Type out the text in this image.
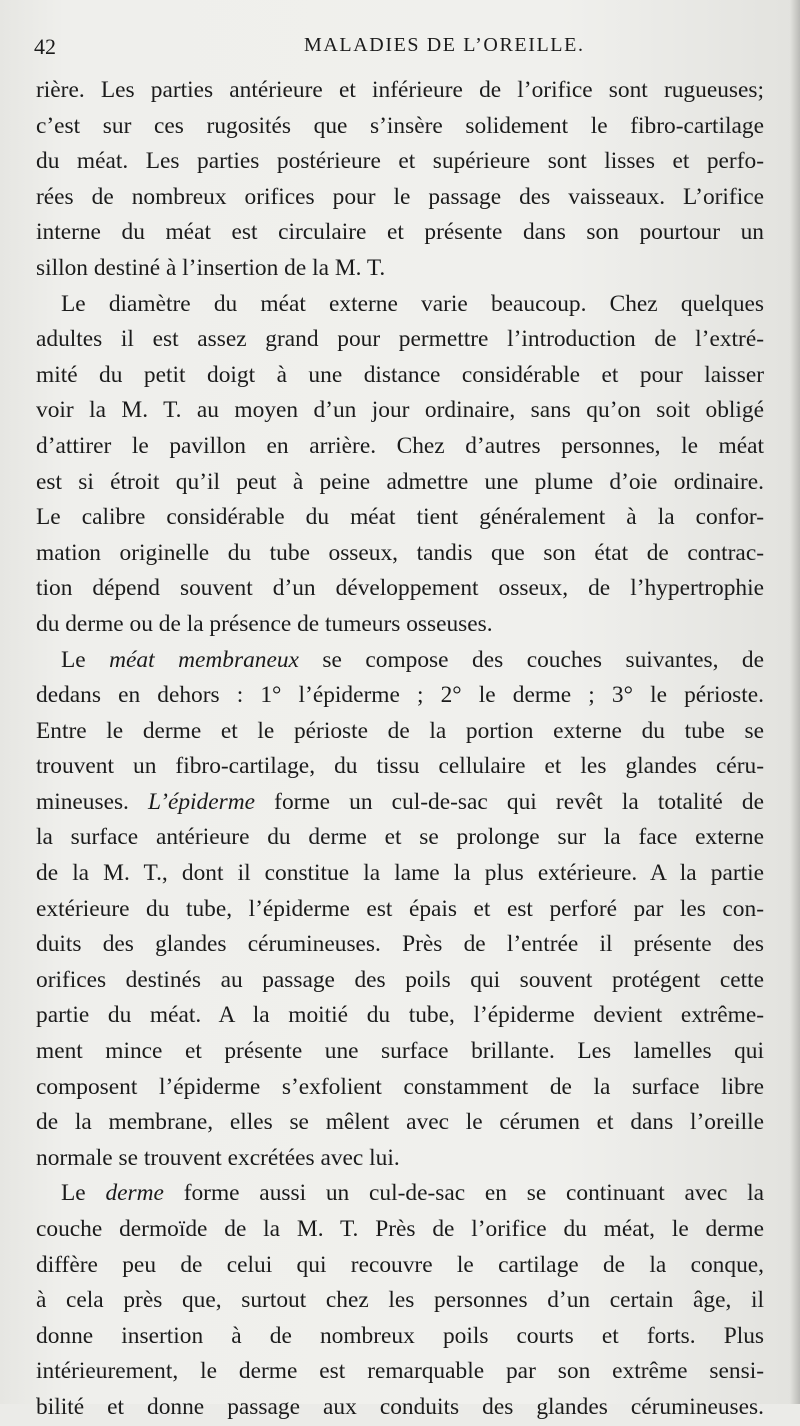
42	MALADIES DE L’OREILLE.
rière. Les parties antérieure et inférieure de l’orifice sont rugueuses;
c’est sur ces rugosités que s’insère solidement le fibro-cartilage
du méat. Les parties postérieure et supérieure sont lisses et perfo-
rées de nombreux orifices pour le passage des vaisseaux. L’orifice
interne du méat est circulaire et présente dans son pourtour un
sillon destiné à l’insertion de la M. T.
Le diamètre du méat externe varie beaucoup. Chez quelques
adultes il est assez grand pour permettre l’introduction de l’extré-
mité du petit doigt à une distance considérable et pour laisser
voir la M. T. au moyen d’un jour ordinaire, sans qu’on soit obligé
d’attirer le pavillon en arrière. Chez d’autres personnes, le méat
est si étroit qu’il peut à peine admettre une plume d’oie ordinaire.
Le calibre considérable du méat tient généralement à la confor-
mation originelle du tube osseux, tandis que son état de contrac-
tion dépend souvent d’un développement osseux, de l’hypertrophie
du derme ou de la présence de tumeurs osseuses.
Le méat membraneux se compose des couches suivantes, de
dedans en dehors : 1° l’épiderme ; 2° le derme ; 3° le périoste.
Entre le derme et le périoste de la portion externe du tube se
trouvent un fibro-cartilage, du tissu cellulaire et les glandes céru-
mineuses. L’épiderme forme un cul-de-sac qui revêt la totalité de
la surface antérieure du derme et se prolonge sur la face externe
de la M. T., dont il constitue la lame la plus extérieure. A la partie
extérieure du tube, l’épiderme est épais et est perforé par les con-
duits des glandes cérumineuses. Près de l’entrée il présente des
orifices destinés au passage des poils qui souvent protégent cette
partie du méat. A la moitié du tube, l’épiderme devient extrême-
ment mince et présente une surface brillante. Les lamelles qui
composent l’épiderme s’exfolient constamment de la surface libre
de la membrane, elles se mêlent avec le cérumen et dans l’oreille
normale se trouvent excrétées avec lui.
Le derme forme aussi un cul-de-sac en se continuant avec la
couche dermoïde de la M. T. Près de l’orifice du méat, le derme
diffère peu de celui qui recouvre le cartilage de la conque,
à cela près que, surtout chez les personnes d’un certain âge, il
donne insertion à de nombreux poils courts et forts. Plus
intérieurement, le derme est remarquable par son extrême sensi-
bilité et donne passage aux conduits des glandes cérumineuses.
